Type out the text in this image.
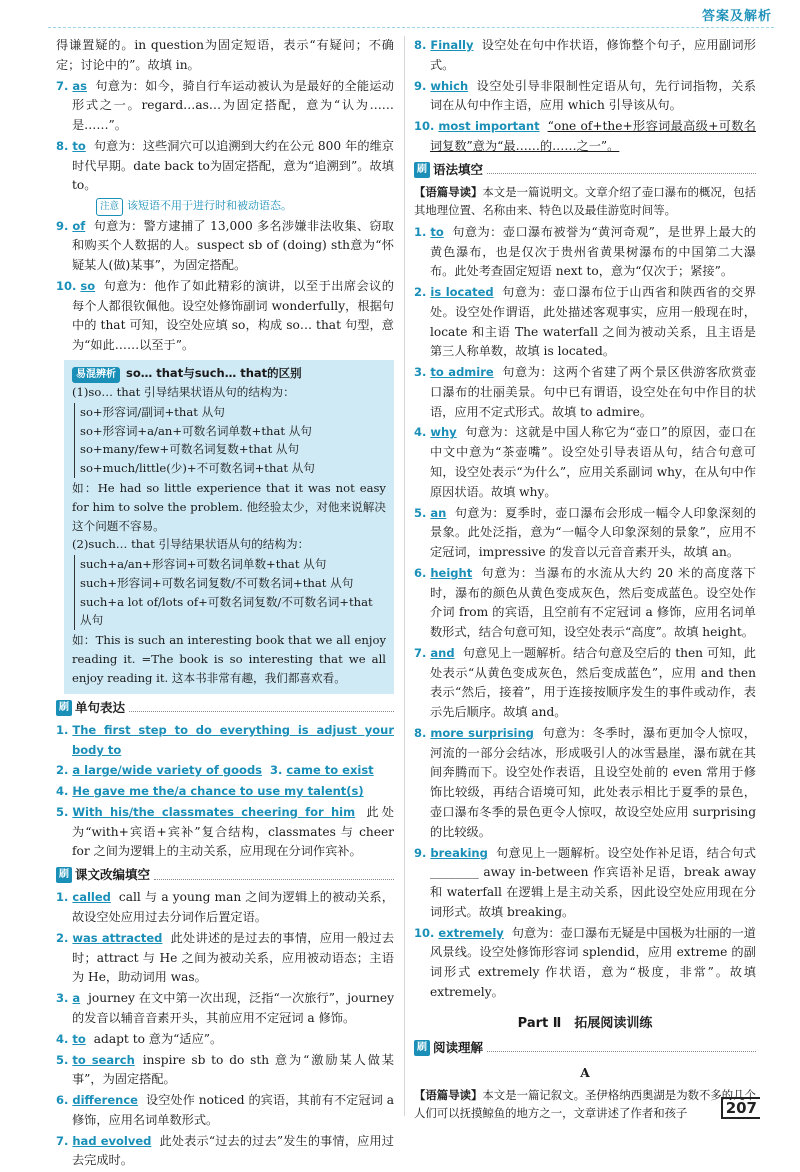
答案及解析

得谦置疑的。in question为固定短语，表示“有疑问；不确定；讨论中的”。故填 in。

7. as 句意为：如今，骑自行车运动被认为是最好的全能运动形式之一。regard…as…为固定搭配，意为“认为……是……”。

8. to 句意为：这些洞穴可以追溯到大约在公元 800 年的维京时代早期。date back to为固定搭配，意为“追溯到”。故填 to。

注意 该短语不用于进行时和被动语态。

9. of 句意为：警方逮捕了 13,000 多名涉嫌非法收集、窃取和购买个人数据的人。suspect sb of (doing) sth意为“怀疑某人(做)某事”，为固定搭配。

10. so 句意为：他作了如此精彩的演讲，以至于出席会议的每个人都很钦佩他。设空处修饰副词 wonderfully，根据句中的 that 可知，设空处应填 so，构成 so… that 句型，意为“如此……以至于”。

易混辨析 so… that与such… that的区别

(1)so… that 引导结果状语从句的结构为：

so+形容词/副词+that 从句
so+形容词+a/an+可数名词单数+that 从句
so+many/few+可数名词复数+that 从句
so+much/little(少)+不可数名词+that 从句

如：He had so little experience that it was not easy for him to solve the problem. 他经验太少，对他来说解决这个问题不容易。

(2)such… that 引导结果状语从句的结构为：

such+a/an+形容词+可数名词单数+that 从句
such+形容词+可数名词复数/不可数名词+that 从句
such+a lot of/lots of+可数名词复数/不可数名词+that 从句

如：This is such an interesting book that we all enjoy reading it. =The book is so interesting that we all enjoy reading it. 这本书非常有趣，我们都喜欢看。

刷 单句表达

1. The first step to do everything is adjust your body to

2. a large/wide variety of goods 3. came to exist

4. He gave me the/a chance to use my talent(s)

5. With his/the classmates cheering for him 此处为“with+宾语+宾补”复合结构，classmates 与 cheer for 之间为逻辑上的主动关系，应用现在分词作宾补。

刷 课文改编填空

1. called call 与 a young man 之间为逻辑上的被动关系，故设空处应用过去分词作后置定语。

2. was attracted 此处讲述的是过去的事情，应用一般过去时；attract 与 He 之间为被动关系，应用被动语态；主语为 He，助动词用 was。

3. a journey 在文中第一次出现，泛指“一次旅行”，journey 的发音以辅音音素开头，其前应用不定冠词 a 修饰。

4. to adapt to 意为“适应”。

5. to search inspire sb to do sth 意为“激励某人做某事”，为固定搭配。

6. difference 设空处作 noticed 的宾语，其前有不定冠词 a 修饰，应用名词单数形式。

7. had evolved 此处表示“过去的过去”发生的事情，应用过去完成时。

8. Finally 设空处在句中作状语，修饰整个句子，应用副词形式。

9. which 设空处引导非限制性定语从句，先行词指物，关系词在从句中作主语，应用 which 引导该从句。

10. most important “one of+the+形容词最高级+可数名词复数”意为“最……的……之一”。

刷 语法填空

【语篇导读】本文是一篇说明文。文章介绍了壶口瀑布的概况，包括其地理位置、名称由来、特色以及最佳游览时间等。

1. to 句意为：壶口瀑布被誉为“黄河奇观”，是世界上最大的黄色瀑布，也是仅次于贵州省黄果树瀑布的中国第二大瀑布。此处考查固定短语 next to，意为“仅次于；紧接”。

2. is located 句意为：壶口瀑布位于山西省和陕西省的交界处。设空处作谓语，此处描述客观事实，应用一般现在时，locate 和主语 The waterfall 之间为被动关系，且主语是第三人称单数，故填 is located。

3. to admire 句意为：这两个省建了两个景区供游客欣赏壶口瀑布的壮丽美景。句中已有谓语，设空处在句中作目的状语，应用不定式形式。故填 to admire。

4. why 句意为：这就是中国人称它为“壶口”的原因，壶口在中文中意为“茶壶嘴”。设空处引导表语从句，结合句意可知，设空处表示“为什么”，应用关系副词 why，在从句中作原因状语。故填 why。

5. an 句意为：夏季时，壶口瀑布会形成一幅令人印象深刻的景象。此处泛指，意为“一幅令人印象深刻的景象”，应用不定冠词，impressive 的发音以元音音素开头，故填 an。

6. height 句意为：当瀑布的水流从大约 20 米的高度落下时，瀑布的颜色从黄色变成灰色，然后变成蓝色。设空处作介词 from 的宾语，且空前有不定冠词 a 修饰，应用名词单数形式，结合句意可知，设空处表示“高度”。故填 height。

7. and 句意见上一题解析。结合句意及空后的 then 可知，此处表示“从黄色变成灰色，然后变成蓝色”，应用 and then 表示“然后，接着”，用于连接按顺序发生的事件或动作，表示先后顺序。故填 and。

8. more surprising 句意为：冬季时，瀑布更加令人惊叹，河流的一部分会结冰，形成吸引人的冰雪悬崖，瀑布就在其间奔腾而下。设空处作表语，且设空处前的 even 常用于修饰比较级，再结合语境可知，此处表示相比于夏季的景色，壶口瀑布冬季的景色更令人惊叹，故设空处应用 surprising 的比较级。

9. breaking 句意见上一题解析。设空处作补足语，结合句式 ________ away in-between 作宾语补足语，break away 和 waterfall 在逻辑上是主动关系，因此设空处应用现在分词形式。故填 breaking。

10. extremely 句意为：壶口瀑布无疑是中国极为壮丽的一道风景线。设空处修饰形容词 splendid，应用 extreme 的副词形式 extremely 作状语，意为“极度，非常”。故填 extremely。

Part Ⅱ　拓展阅读训练
刷 阅读理解
A

【语篇导读】本文是一篇记叙文。圣伊格纳西奥湖是为数不多的几个人们可以抚摸鲸鱼的地方之一，文章讲述了作者和孩子	207
